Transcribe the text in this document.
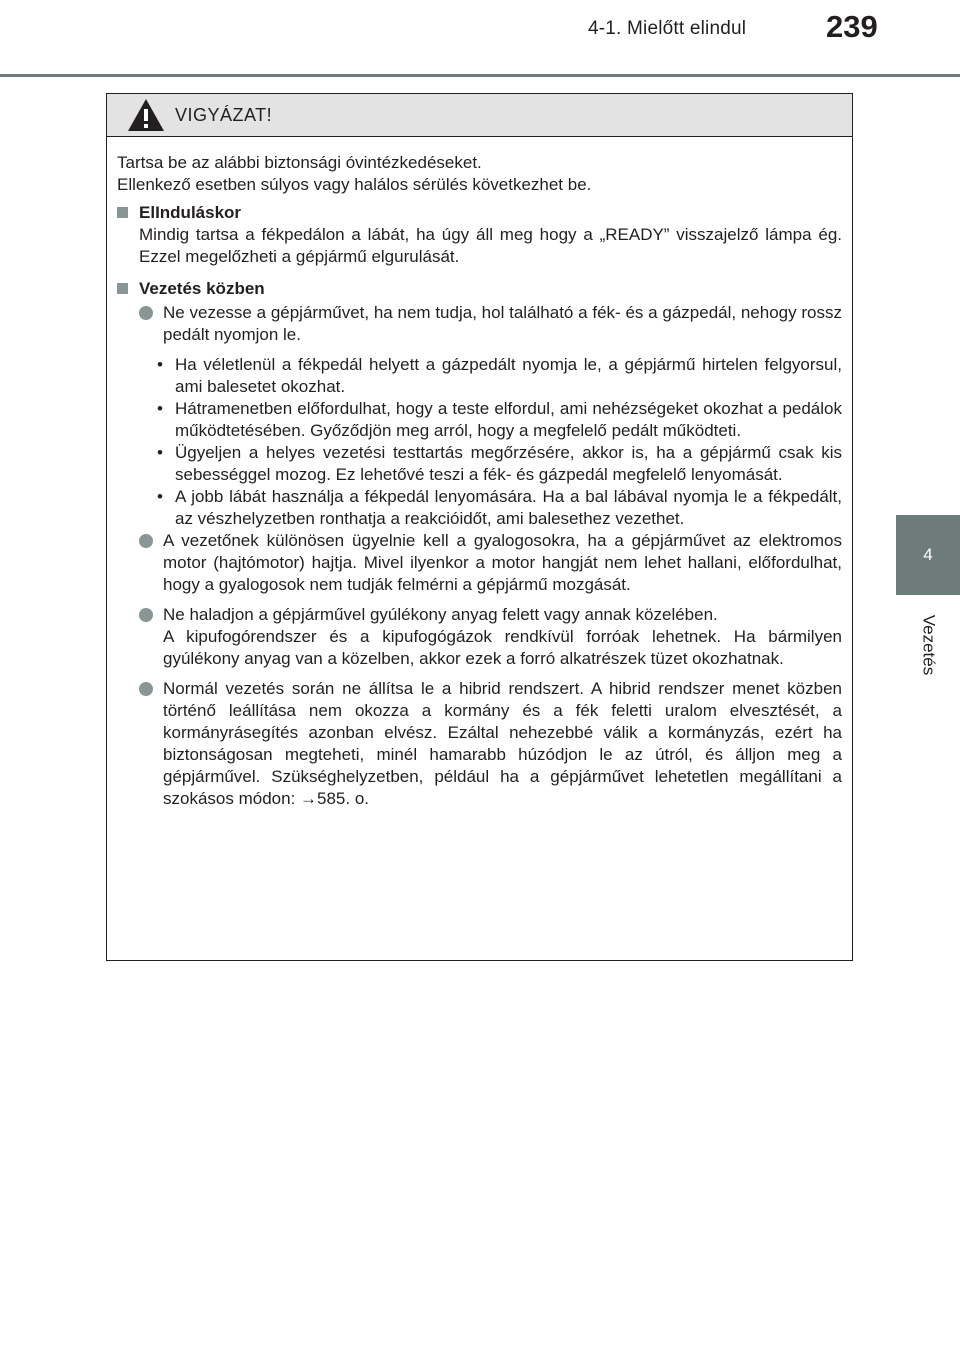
4-1. Mielőtt elindul	239
4
Vezetés
VIGYÁZAT!

Tartsa be az alábbi biztonsági óvintézkedéseket.

Ellenkező esetben súlyos vagy halálos sérülés következhet be.

ElInduláskor
Mindig tartsa a fékpedálon a lábát, ha úgy áll meg hogy a „READY” visszajelző lámpa ég. Ezzel megelőzheti a gépjármű elgurulását.
Vezetés közben
Ne vezesse a gépjárművet, ha nem tudja, hol található a fék- és a gázpedál, nehogy rossz pedált nyomjon le.
• Ha véletlenül a fékpedál helyett a gázpedált nyomja le, a gépjármű hirtelen felgyorsul, ami balesetet okozhat.
• Hátramenetben előfordulhat, hogy a teste elfordul, ami nehézségeket okozhat a pedálok működtetésében. Győződjön meg arról, hogy a megfelelő pedált működteti.
• Ügyeljen a helyes vezetési testtartás megőrzésére, akkor is, ha a gépjármű csak kis sebességgel mozog. Ez lehetővé teszi a fék- és gázpedál megfelelő lenyomását.
• A jobb lábát használja a fékpedál lenyomására. Ha a bal lábával nyomja le a fékpedált, az vészhelyzetben ronthatja a reakcióidőt, ami balesethez vezethet.
A vezetőnek különösen ügyelnie kell a gyalogosokra, ha a gépjárművet az elektromos motor (hajtómotor) hajtja. Mivel ilyenkor a motor hangját nem lehet hallani, előfordulhat, hogy a gyalogosok nem tudják felmérni a gépjármű mozgását.
Ne haladjon a gépjárművel gyúlékony anyag felett vagy annak közelében.
A kipufogórendszer és a kipufogógázok rendkívül forróak lehetnek. Ha bármilyen gyúlékony anyag van a közelben, akkor ezek a forró alkatrészek tüzet okozhatnak.
Normál vezetés során ne állítsa le a hibrid rendszert. A hibrid rendszer menet közben történő leállítása nem okozza a kormány és a fék feletti uralom elvesztését, a kormányrásegítés azonban elvész. Ezáltal nehezebbé válik a kormányzás, ezért ha biztonságosan megteheti, minél hamarabb húzódjon le az útról, és álljon meg a gépjárművel. Szükséghelyzetben, például ha a gépjárművet lehetetlen megállítani a szokásos módon: →585. o.
